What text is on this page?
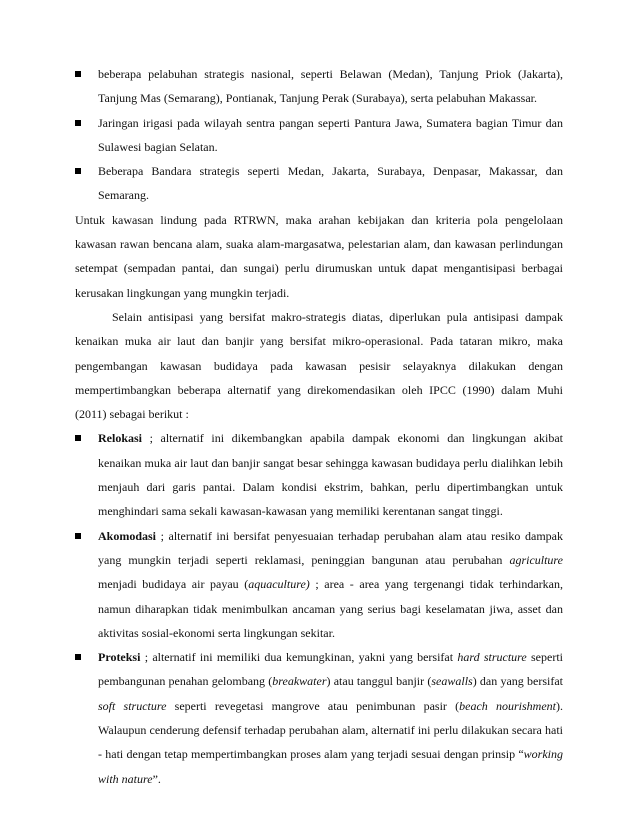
beberapa pelabuhan strategis nasional, seperti Belawan (Medan), Tanjung Priok (Jakarta), Tanjung Mas (Semarang), Pontianak, Tanjung Perak (Surabaya), serta pelabuhan Makassar.
Jaringan irigasi pada wilayah sentra pangan seperti Pantura Jawa, Sumatera bagian Timur dan Sulawesi bagian Selatan.
Beberapa Bandara strategis seperti Medan, Jakarta, Surabaya, Denpasar, Makassar, dan Semarang.

Untuk kawasan lindung pada RTRWN, maka arahan kebijakan dan kriteria pola pengelolaan kawasan rawan bencana alam, suaka alam-margasatwa, pelestarian alam, dan kawasan perlindungan setempat (sempadan pantai, dan sungai) perlu dirumuskan untuk dapat mengantisipasi berbagai kerusakan lingkungan yang mungkin terjadi.

Selain antisipasi yang bersifat makro-strategis diatas, diperlukan pula antisipasi dampak kenaikan muka air laut dan banjir yang bersifat mikro-operasional. Pada tataran mikro, maka pengembangan kawasan budidaya pada kawasan pesisir selayaknya dilakukan dengan mempertimbangkan beberapa alternatif yang direkomendasikan oleh IPCC (1990) dalam Muhi (2011) sebagai berikut :

Relokasi ; alternatif ini dikembangkan apabila dampak ekonomi dan lingkungan akibat kenaikan muka air laut dan banjir sangat besar sehingga kawasan budidaya perlu dialihkan lebih menjauh dari garis pantai. Dalam kondisi ekstrim, bahkan, perlu dipertimbangkan untuk menghindari sama sekali kawasan-kawasan yang memiliki kerentanan sangat tinggi.
Akomodasi ; alternatif ini bersifat penyesuaian terhadap perubahan alam atau resiko dampak yang mungkin terjadi seperti reklamasi, peninggian bangunan atau perubahan agriculture menjadi budidaya air payau (aquaculture) ; area - area yang tergenangi tidak terhindarkan, namun diharapkan tidak menimbulkan ancaman yang serius bagi keselamatan jiwa, asset dan aktivitas sosial-ekonomi serta lingkungan sekitar.
Proteksi ; alternatif ini memiliki dua kemungkinan, yakni yang bersifat hard structure seperti pembangunan penahan gelombang (breakwater) atau tanggul banjir (seawalls) dan yang bersifat soft structure seperti revegetasi mangrove atau penimbunan pasir (beach nourishment). Walaupun cenderung defensif terhadap perubahan alam, alternatif ini perlu dilakukan secara hati - hati dengan tetap mempertimbangkan proses alam yang terjadi sesuai dengan prinsip “working with nature”.
